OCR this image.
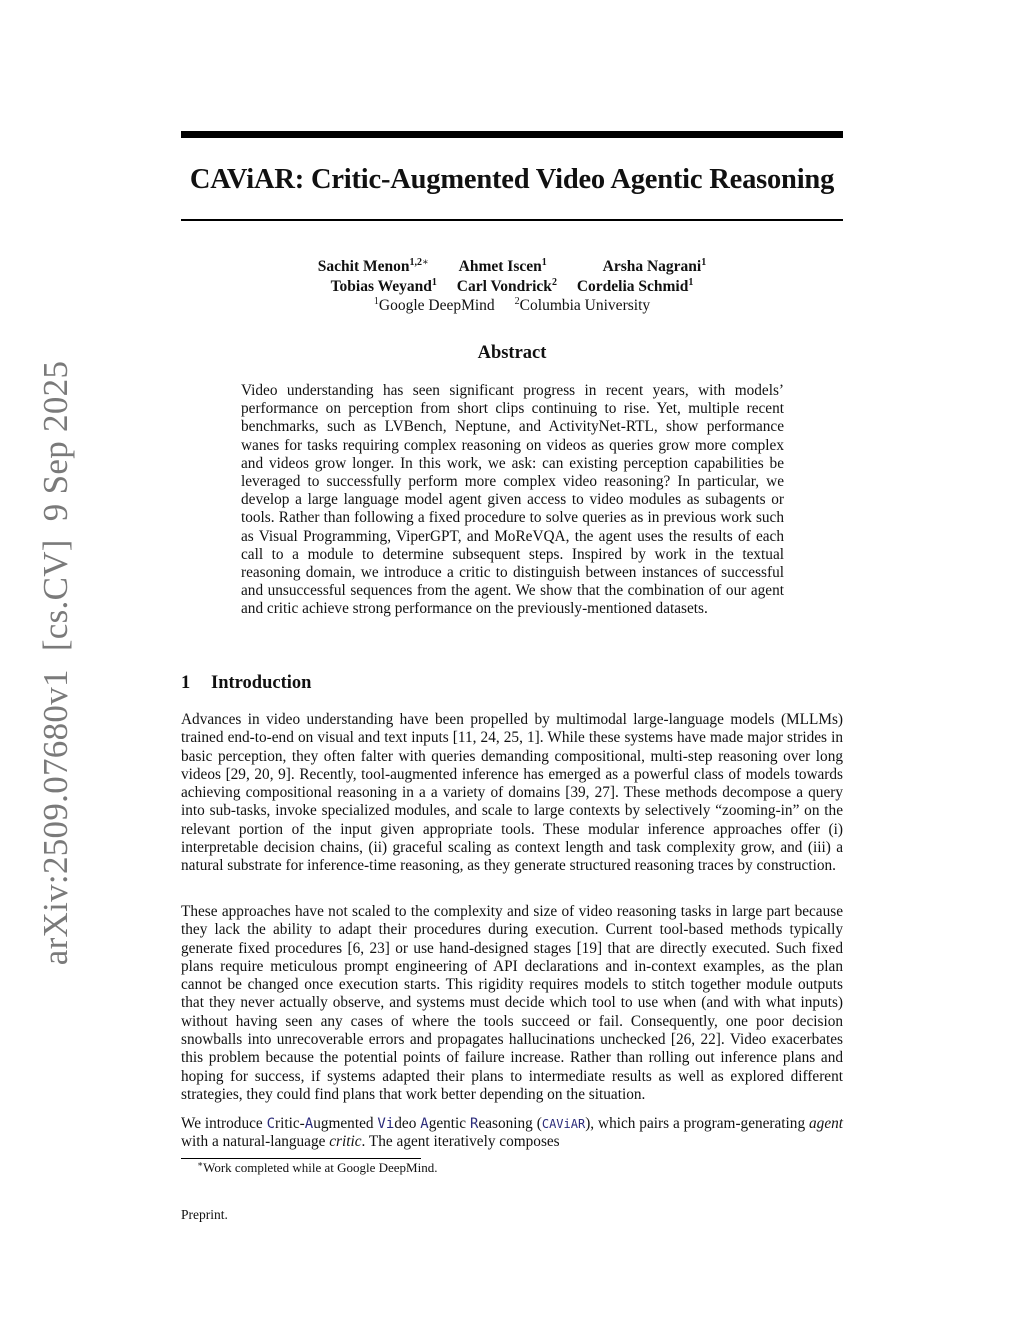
arXiv:2509.07680v1[cs.CV]9 Sep 2025
CAViAR: Critic-Augmented Video Agentic Reasoning
Sachit Menon$^{1,2∗}$ Ahmet Iscen$^1$	Arsha Nagrani$^1$
Tobias Weyand$^1$ Carl Vondrick$^2$ Cordelia Schmid$^1$
$^1$Google DeepMind $^2$Columbia University
Abstract

Video understanding has seen significant progress in recent years, with models’ performance on perception from short clips continuing to rise. Yet, multiple recent benchmarks, such as LVBench, Neptune, and ActivityNet-RTL, show performance wanes for tasks requiring complex reasoning on videos as queries grow more complex and videos grow longer. In this work, we ask: can existing perception capabilities be leveraged to successfully perform more complex video reasoning? In particular, we develop a large language model agent given access to video modules as subagents or tools. Rather than following a fixed procedure to solve queries as in previous work such as Visual Programming, ViperGPT, and MoReVQA, the agent uses the results of each call to a module to determine subsequent steps. Inspired by work in the textual reasoning domain, we introduce a critic to distinguish between instances of successful and unsuccessful sequences from the agent. We show that the combination of our agent and critic achieve strong performance on the previously-mentioned datasets.

1 Introduction

Advances in video understanding have been propelled by multimodal large-language models (MLLMs) trained end-to-end on visual and text inputs [11, 24, 25, 1]. While these systems have made major strides in basic perception, they often falter with queries demanding compositional, multi-step reasoning over long videos [29, 20, 9]. Recently, tool-augmented inference has emerged as a powerful class of models towards achieving compositional reasoning in a a variety of domains [39, 27]. These methods decompose a query into sub-tasks, invoke specialized modules, and scale to large contexts by selectively “zooming-in” on the relevant portion of the input given appropriate tools. These modular inference approaches offer (i) interpretable decision chains, (ii) graceful scaling as context length and task complexity grow, and (iii) a natural substrate for inference-time reasoning, as they generate structured reasoning traces by construction.

These approaches have not scaled to the complexity and size of video reasoning tasks in large part because they lack the ability to adapt their procedures during execution. Current tool-based methods typically generate fixed procedures [6, 23] or use hand-designed stages [19] that are directly executed. Such fixed plans require meticulous prompt engineering of API declarations and in-context examples, as the plan cannot be changed once execution starts. This rigidity requires models to stitch together module outputs that they never actually observe, and systems must decide which tool to use when (and with what inputs) without having seen any cases of where the tools succeed or fail. Consequently, one poor decision snowballs into unrecoverable errors and propagates hallucinations unchecked [26, 22]. Video exacerbates this problem because the potential points of failure increase. Rather than rolling out inference plans and hoping for success, if systems adapted their plans to intermediate results as well as explored different strategies, they could find plans that work better depending on the situation.

We introduce Critic-Augmented Video Agentic Reasoning (CAViAR), which pairs a program-generating agent with a natural-language critic. The agent iteratively composes

∗Work completed while at Google DeepMind.
Preprint.
